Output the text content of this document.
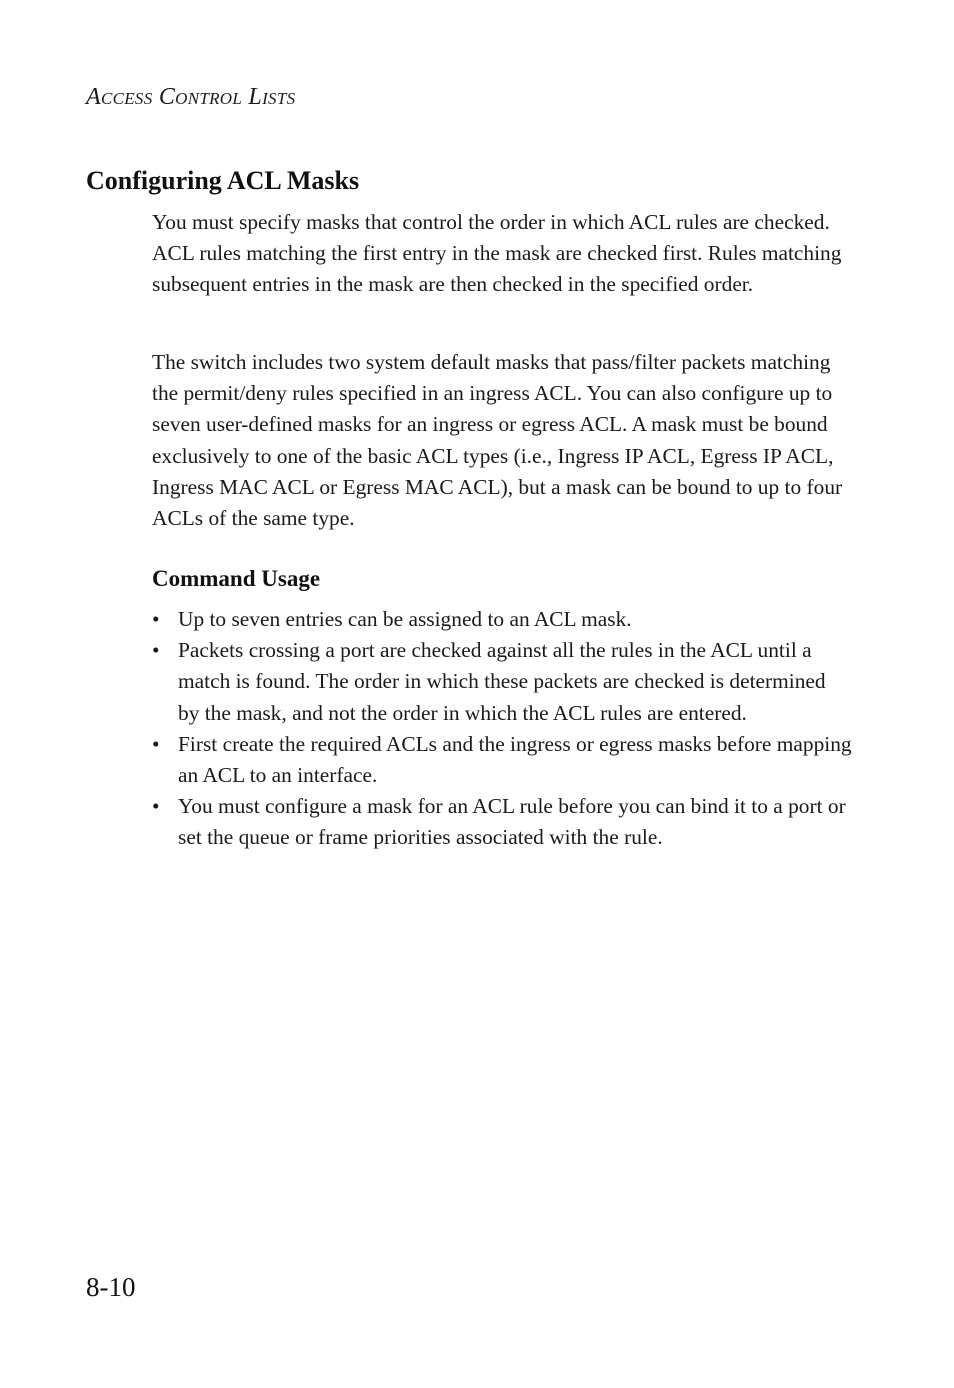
Access Control Lists
Configuring ACL Masks

You must specify masks that control the order in which ACL rules are checked. ACL rules matching the first entry in the mask are checked first. Rules matching subsequent entries in the mask are then checked in the specified order.

The switch includes two system default masks that pass/filter packets matching the permit/deny rules specified in an ingress ACL. You can also configure up to seven user-defined masks for an ingress or egress ACL. A mask must be bound exclusively to one of the basic ACL types (i.e., Ingress IP ACL, Egress IP ACL, Ingress MAC ACL or Egress MAC ACL), but a mask can be bound to up to four ACLs of the same type.

Command Usage
• Up to seven entries can be assigned to an ACL mask.
• Packets crossing a port are checked against all the rules in the ACL until a match is found. The order in which these packets are checked is determined by the mask, and not the order in which the ACL rules are entered.
• First create the required ACLs and the ingress or egress masks before mapping an ACL to an interface.
• You must configure a mask for an ACL rule before you can bind it to a port or set the queue or frame priorities associated with the rule.
8-10
